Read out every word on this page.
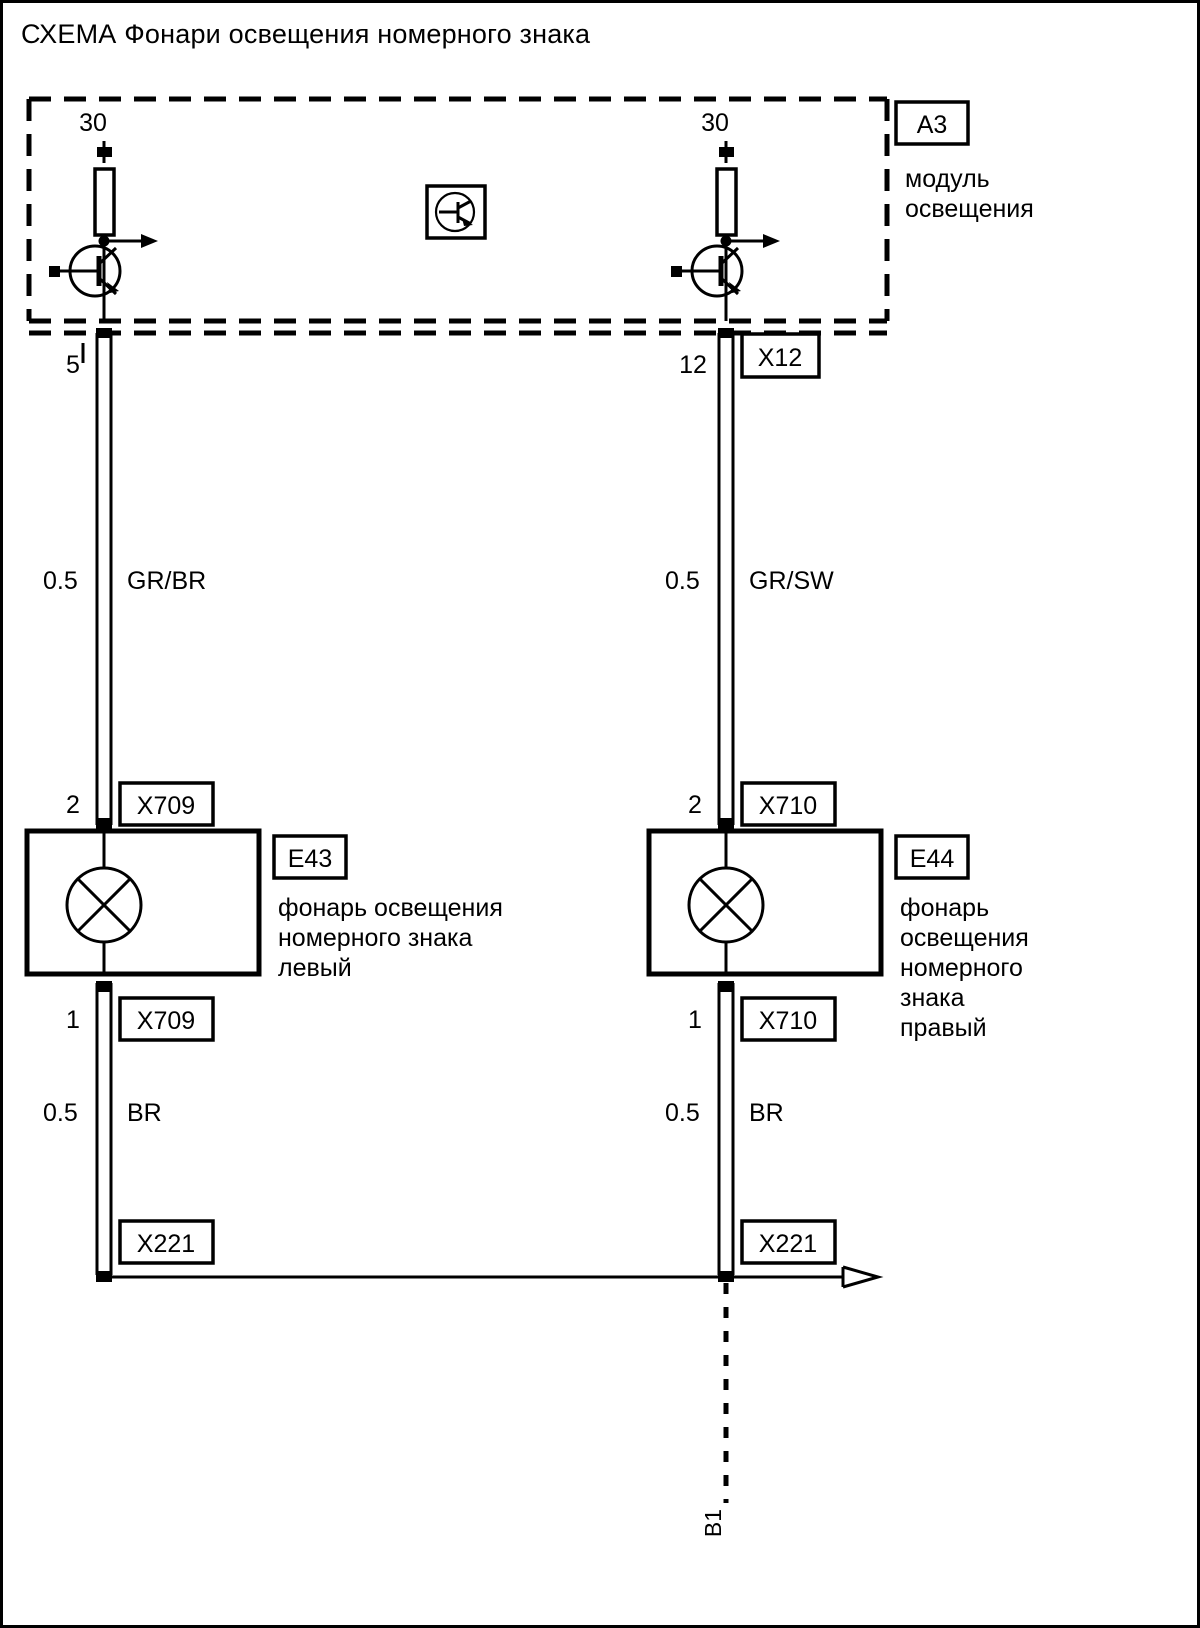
СХЕМА Фонари освещения номерного знака
30	30	A3
модуль
освещения
5	12 X12
0.5 GR/BR	0.5 GR/SW
2 X709	2 X710
E43
фонарь освещения
номерного знака
левый
E44
фонарь
освещения
номерного
знака
правый
1 X709	1 X710
0.5 BR	0.5 BR
X221	X221
B1
